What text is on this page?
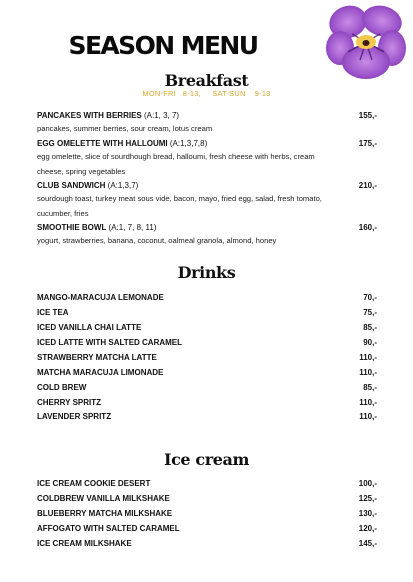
SEASON MENU
Breakfast
MON-FRI   8-13,     SAT-SUN    9-13
PANCAKES WITH BERRIES (A:1, 3, 7)	155,-
pancakes, summer berries, sour cream, lotus cream
EGG OMELETTE WITH HALLOUMI (A:1,3,7,8)	175,-
egg omelette, slice of sourdhough bread, halloumi, fresh cheese with herbs, cream cheese, spring vegetables
CLUB SANDWICH (A:1,3,7)	210,-
sourdough toast, turkey meat sous vide, bacon, mayo, fried egg, salad, fresh tomato, cucumber, fries
SMOOTHIE BOWL (A:1, 7, 8, 11)	160,-
yogurt, strawberries, banana, coconut, oalmeal granola, almond, honey
Drinks
MANGO-MARACUJA LEMONADE	70,-
ICE TEA	75,-
ICED VANILLA CHAI LATTE	85,-
ICED LATTE WITH SALTED CARAMEL	90,-
STRAWBERRY MATCHA LATTE	110,-
MATCHA MARACUJA LIMONADE	110,-
COLD BREW	85,-
CHERRY SPRITZ	110,-
LAVENDER SPRITZ	110,-
Ice cream
ICE CREAM COOKIE DESERT	100,-
COLDBREW VANILLA MILKSHAKE	125,-
BLUEBERRY MATCHA MILKSHAKE	130,-
AFFOGATO WITH SALTED CARAMEL	120,-
ICE CREAM MILKSHAKE	145,-
